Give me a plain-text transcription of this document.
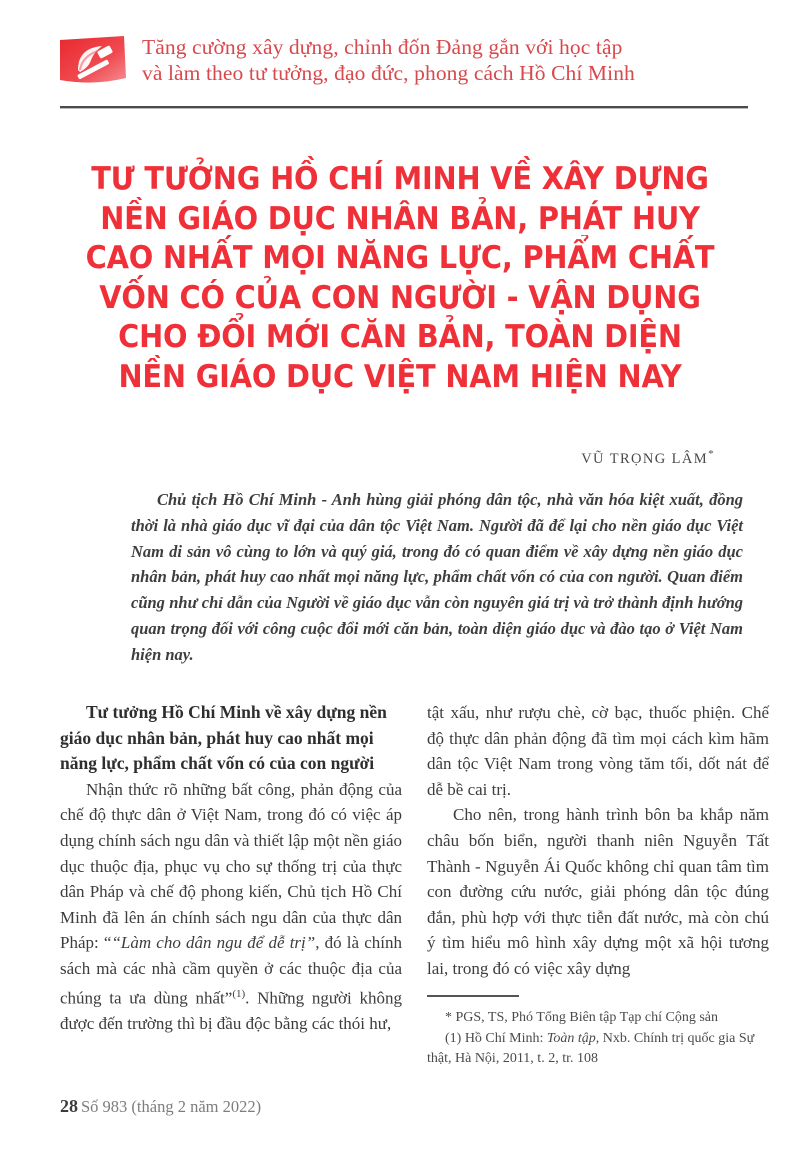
Tăng cường xây dựng, chỉnh đốn Đảng gắn với học tập
và làm theo tư tưởng, đạo đức, phong cách Hồ Chí Minh
TƯ TƯỞNG HỒ CHÍ MINH VỀ XÂY DỰNG
NỀN GIÁO DỤC NHÂN BẢN, PHÁT HUY
CAO NHẤT MỌI NĂNG LỰC, PHẨM CHẤT
VỐN CÓ CỦA CON NGƯỜI - VẬN DỤNG
CHO ĐỔI MỚI CĂN BẢN, TOÀN DIỆN
NỀN GIÁO DỤC VIỆT NAM HIỆN NAY
VŨ TRỌNG LÂM*
Chủ tịch Hồ Chí Minh - Anh hùng giải phóng dân tộc, nhà văn hóa kiệt xuất, đồng thời là nhà giáo dục vĩ đại của dân tộc Việt Nam. Người đã để lại cho nền giáo dục Việt Nam di sản vô cùng to lớn và quý giá, trong đó có quan điểm về xây dựng nền giáo dục nhân bản, phát huy cao nhất mọi năng lực, phẩm chất vốn có của con người. Quan điểm cũng như chỉ dẫn của Người về giáo dục vẫn còn nguyên giá trị và trở thành định hướng quan trọng đối với công cuộc đổi mới căn bản, toàn diện giáo dục và đào tạo ở Việt Nam hiện nay.

Tư tưởng Hồ Chí Minh về xây dựng nền giáo dục nhân bản, phát huy cao nhất mọi năng lực, phẩm chất vốn có của con người

Nhận thức rõ những bất công, phản động của chế độ thực dân ở Việt Nam, trong đó có việc áp dụng chính sách ngu dân và thiết lập một nền giáo dục thuộc địa, phục vụ cho sự thống trị của thực dân Pháp và chế độ phong kiến, Chủ tịch Hồ Chí Minh đã lên án chính sách ngu dân của thực dân Pháp: ““Làm cho dân ngu để dễ trị”, đó là chính sách mà các nhà cầm quyền ở các thuộc địa của chúng ta ưa dùng nhất”$^{(1)}$. Những người không được đến trường thì bị đầu độc bằng các thói hư,

tật xấu, như rượu chè, cờ bạc, thuốc phiện. Chế độ thực dân phản động đã tìm mọi cách kìm hãm dân tộc Việt Nam trong vòng tăm tối, dốt nát để dễ bề cai trị.

Cho nên, trong hành trình bôn ba khắp năm châu bốn biển, người thanh niên Nguyễn Tất Thành - Nguyễn Ái Quốc không chỉ quan tâm tìm con đường cứu nước, giải phóng dân tộc đúng đắn, phù hợp với thực tiễn đất nước, mà còn chú ý tìm hiểu mô hình xây dựng một xã hội tương lai, trong đó có việc xây dựng

* PGS, TS, Phó Tổng Biên tập Tạp chí Cộng sản

(1) Hồ Chí Minh: Toàn tập, Nxb. Chính trị quốc gia Sự thật, Hà Nội, 2011, t. 2, tr. 108

28 Số 983 (tháng 2 năm 2022)
